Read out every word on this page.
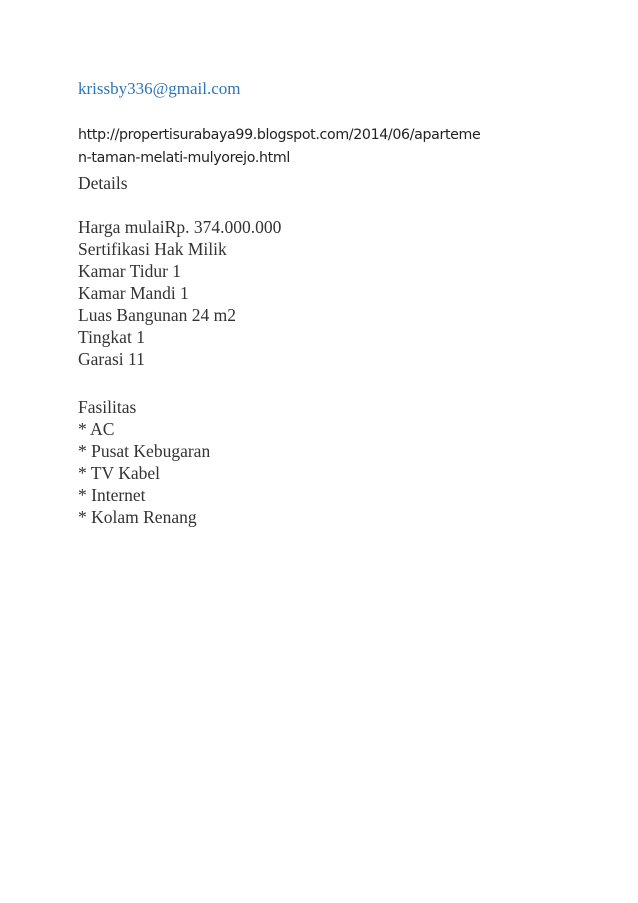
krissby336@gmail.com
http://propertisurabaya99.blogspot.com/2014/06/aparteme
n-taman-melati-mulyorejo.html
Details
Harga mulaiRp. 374.000.000
Sertifikasi Hak Milik
Kamar Tidur 1
Kamar Mandi 1
Luas Bangunan 24 m2
Tingkat 1
Garasi 11
Fasilitas
* AC
* Pusat Kebugaran
* TV Kabel
* Internet
* Kolam Renang
